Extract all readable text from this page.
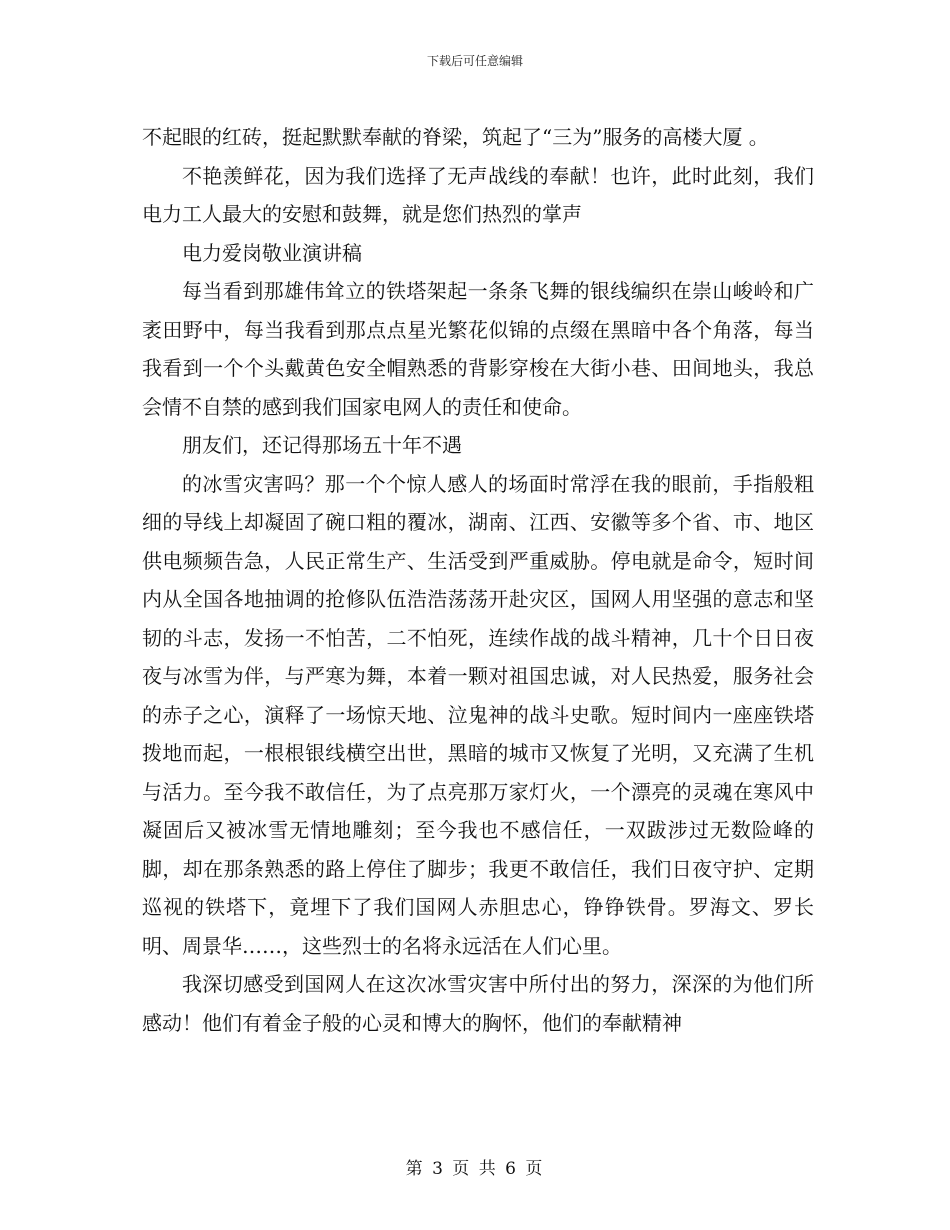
下载后可任意编辑

不起眼的红砖，挺起默默奉献的脊梁，筑起了“三为”服务的高楼大厦 。

不艳羡鲜花，因为我们选择了无声战线的奉献！也许，此时此刻，我们电力工人最大的安慰和鼓舞，就是您们热烈的掌声

电力爱岗敬业演讲稿

每当看到那雄伟耸立的铁塔架起一条条飞舞的银线编织在崇山峻岭和广袤田野中，每当我看到那点点星光繁花似锦的点缀在黑暗中各个角落，每当我看到一个个头戴黄色安全帽熟悉的背影穿梭在大街小巷、田间地头，我总会情不自禁的感到我们国家电网人的责任和使命。

朋友们，还记得那场五十年不遇

的冰雪灾害吗？那一个个惊人感人的场面时常浮在我的眼前，手指般粗细的导线上却凝固了碗口粗的覆冰，湖南、江西、安徽等多个省、市、地区供电频频告急，人民正常生产、生活受到严重威胁。停电就是命令，短时间内从全国各地抽调的抢修队伍浩浩荡荡开赴灾区，国网人用坚强的意志和坚韧的斗志，发扬一不怕苦，二不怕死，连续作战的战斗精神，几十个日日夜夜与冰雪为伴，与严寒为舞，本着一颗对祖国忠诚，对人民热爱，服务社会的赤子之心，演释了一场惊天地、泣鬼神的战斗史歌。短时间内一座座铁塔拨地而起，一根根银线横空出世，黑暗的城市又恢复了光明，又充满了生机与活力。至今我不敢信任，为了点亮那万家灯火，一个漂亮的灵魂在寒风中凝固后又被冰雪无情地雕刻；至今我也不感信任，一双跋涉过无数险峰的脚，却在那条熟悉的路上停住了脚步；我更不敢信任，我们日夜守护、定期巡视的铁塔下，竟埋下了我们国网人赤胆忠心，铮铮铁骨。罗海文、罗长明、周景华……，这些烈士的名将永远活在人们心里。

我深切感受到国网人在这次冰雪灾害中所付出的努力，深深的为他们所感动！他们有着金子般的心灵和博大的胸怀，他们的奉献精神

第 3 页 共 6 页
